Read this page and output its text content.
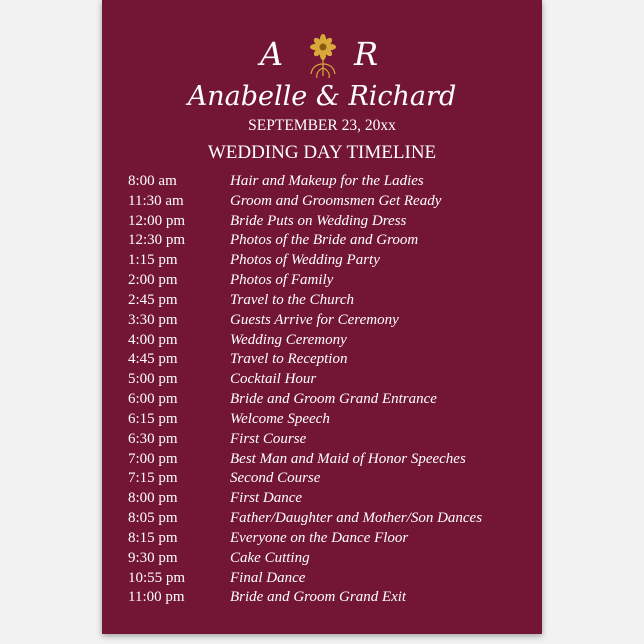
A R
Anabelle & Richard
SEPTEMBER 23, 20xx
WEDDING DAY TIMELINE
8:00 am	Hair and Makeup for the Ladies
11:30 am	Groom and Groomsmen Get Ready
12:00 pm	Bride Puts on Wedding Dress
12:30 pm	Photos of the Bride and Groom
1:15 pm	Photos of Wedding Party
2:00 pm	Photos of Family
2:45 pm	Travel to the Church
3:30 pm	Guests Arrive for Ceremony
4:00 pm	Wedding Ceremony
4:45 pm	Travel to Reception
5:00 pm	Cocktail Hour
6:00 pm	Bride and Groom Grand Entrance
6:15 pm	Welcome Speech
6:30 pm	First Course
7:00 pm	Best Man and Maid of Honor Speeches
7:15 pm	Second Course
8:00 pm	First Dance
8:05 pm	Father/Daughter and Mother/Son Dances
8:15 pm	Everyone on the Dance Floor
9:30 pm	Cake Cutting
10:55 pm	Final Dance
11:00 pm	Bride and Groom Grand Exit
